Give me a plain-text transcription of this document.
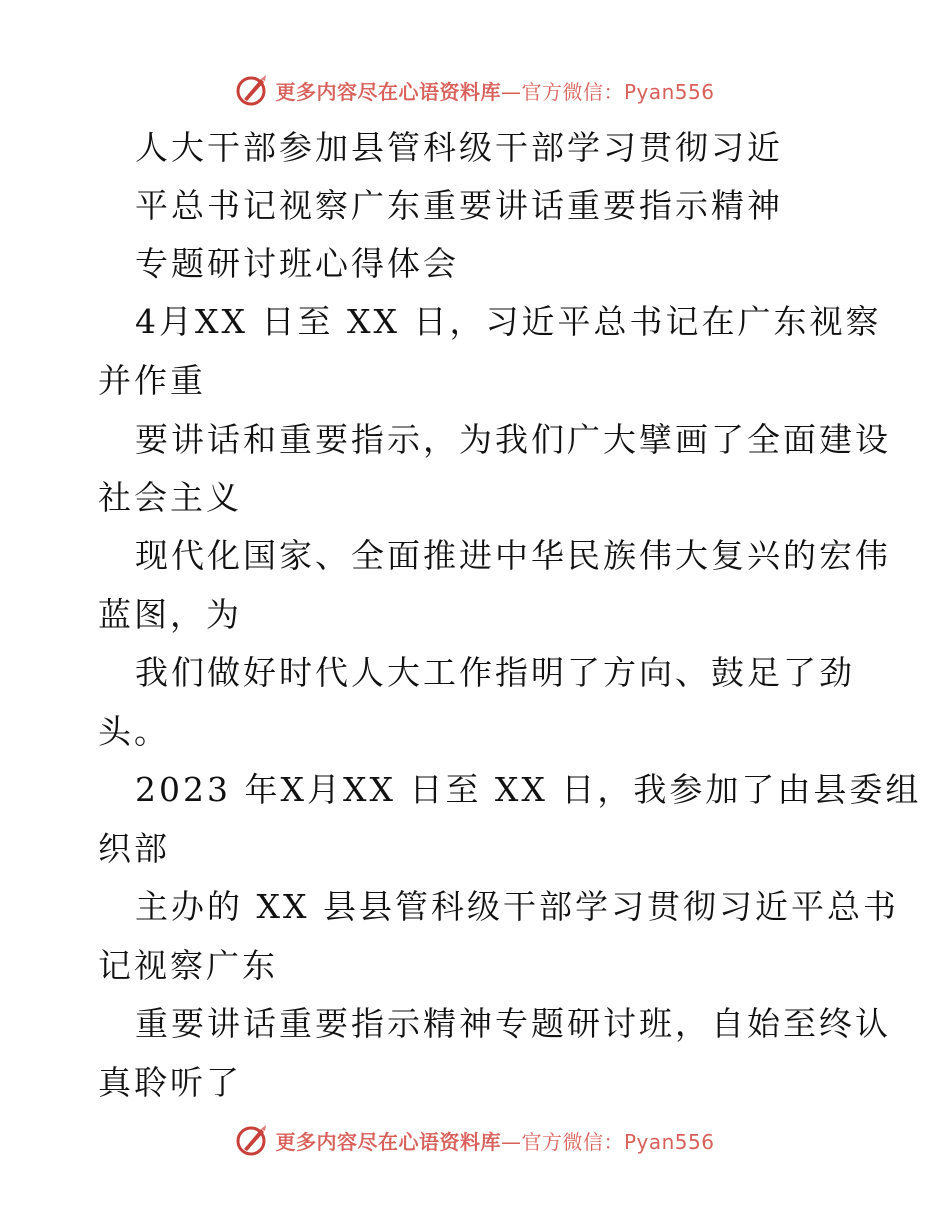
更多内容尽在心语资料库—官方微信：Pyan556
人大干部参加县管科级干部学习贯彻习近
平总书记视察广东重要讲话重要指示精神
专题研讨班心得体会
4月XX 日至 XX 日，习近平总书记在广东视察
并作重
要讲话和重要指示，为我们广大擘画了全面建设
社会主义
现代化国家、全面推进中华民族伟大复兴的宏伟
蓝图，为
我们做好时代人大工作指明了方向、鼓足了劲
头。
2023 年X月XX 日至 XX 日，我参加了由县委组
织部
主办的 XX 县县管科级干部学习贯彻习近平总书
记视察广东
重要讲话重要指示精神专题研讨班，自始至终认
真聆听了
更多内容尽在心语资料库—官方微信：Pyan556
